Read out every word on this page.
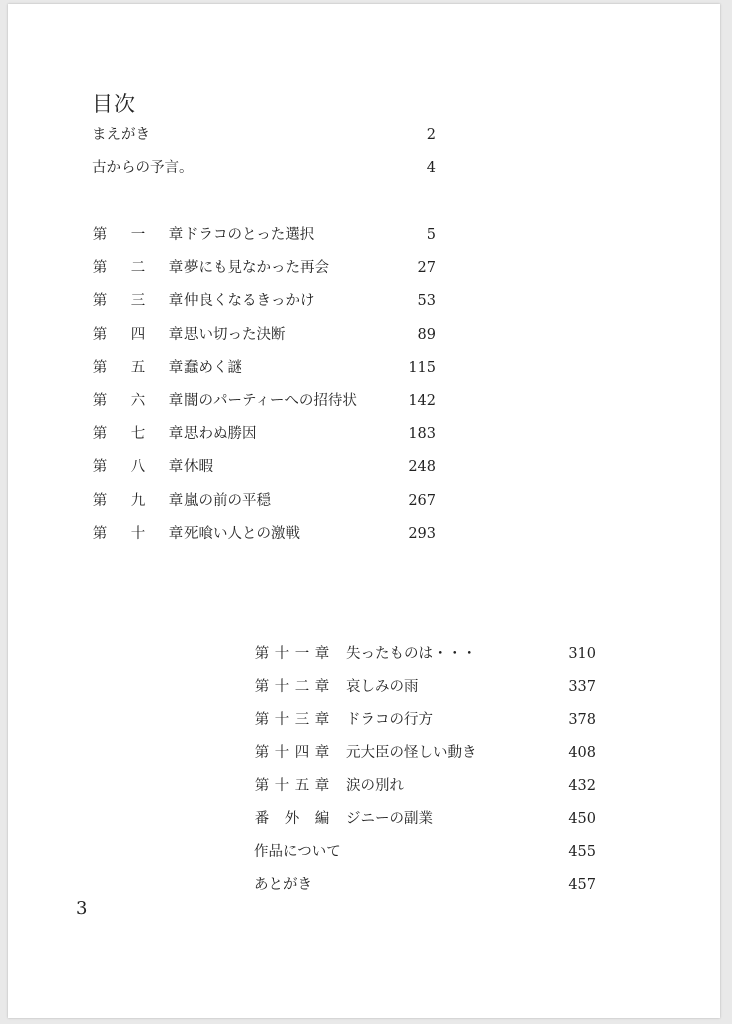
目次
まえがき	2
古からの予言。	4
第 一 章 ドラコのとった選択	5
第 二 章 夢にも見なかった再会	27
第 三 章 仲良くなるきっかけ	53
第 四 章 思い切った決断	89
第 五 章 蠢めく謎	115
第 六 章 闇のパーティーへの招待状	142
第 七 章 思わぬ勝因	183
第 八 章 休暇	248
第 九 章 嵐の前の平穏	267
第 十 章 死喰い人との激戦	293
第 十 一 章 失ったものは・・・	310
第 十 二 章 哀しみの雨	337
第 十 三 章 ドラコの行方	378
第 十 四 章 元大臣の怪しい動き	408
第 十 五 章 涙の別れ	432
番 外 編 ジニーの副業	450
作品について	455
あとがき	457
3
